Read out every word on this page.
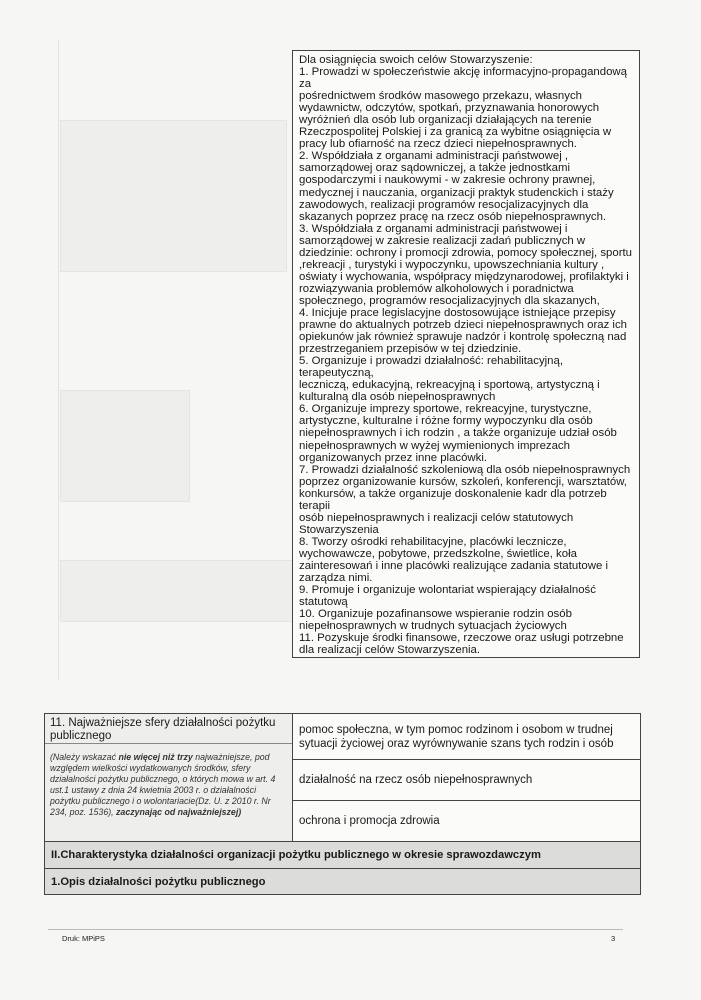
Dla osiągnięcia swoich celów Stowarzyszenie:

1. Prowadzi w społeczeństwie akcję informacyjno-propagandową za
pośrednictwem środków masowego przekazu, własnych
wydawnictw, odczytów, spotkań, przyznawania honorowych
wyróżnień dla osób lub organizacji działających na terenie
Rzeczpospolitej Polskiej i za granicą za wybitne osiągnięcia w
pracy lub ofiarność na rzecz dzieci niepełnosprawnych.

2. Współdziała z organami administracji państwowej ,
samorządowej oraz sądowniczej, a także jednostkami
gospodarczymi i naukowymi - w zakresie ochrony prawnej,
medycznej i nauczania, organizacji praktyk studenckich i staży
zawodowych, realizacji programów resocjalizacyjnych dla
skazanych poprzez pracę na rzecz osób niepełnosprawnych.

3. Współdziała z organami administracji państwowej i
samorządowej w zakresie realizacji zadań publicznych w
dziedzinie: ochrony i promocji zdrowia, pomocy społecznej, sportu
,rekreacji , turystyki i wypoczynku, upowszechniania kultury ,
oświaty i wychowania, współpracy międzynarodowej, profilaktyki i
rozwiązywania problemów alkoholowych i poradnictwa
społecznego, programów resocjalizacyjnych dla skazanych,

4. Inicjuje prace legislacyjne dostosowujące istniejące przepisy
prawne do aktualnych potrzeb dzieci niepełnosprawnych oraz ich
opiekunów jak również sprawuje nadzór i kontrolę społeczną nad
przestrzeganiem przepisów w tej dziedzinie.

5. Organizuje i prowadzi działalność: rehabilitacyjną, terapeutyczną,
leczniczą, edukacyjną, rekreacyjną i sportową, artystyczną i
kulturalną dla osób niepełnosprawnych

6. Organizuje imprezy sportowe, rekreacyjne, turystyczne,
artystyczne, kulturalne i różne formy wypoczynku dla osób
niepełnosprawnych i ich rodzin , a także organizuje udział osób
niepełnosprawnych w wyżej wymienionych imprezach
organizowanych przez inne placówki.

7. Prowadzi działalność szkoleniową dla osób niepełnosprawnych
poprzez organizowanie kursów, szkoleń, konferencji, warsztatów,
konkursów, a także organizuje doskonalenie kadr dla potrzeb terapii
osób niepełnosprawnych i realizacji celów statutowych
Stowarzyszenia

8. Tworzy ośrodki rehabilitacyjne, placówki lecznicze,
wychowawcze, pobytowe, przedszkolne, świetlice, koła
zainteresowań i inne placówki realizujące zadania statutowe i
zarządza nimi.

9. Promuje i organizuje wolontariat wspierający działalność
statutową

10. Organizuje pozafinansowe wspieranie rodzin osób
niepełnosprawnych w trudnych sytuacjach życiowych

11. Pozyskuje środki finansowe, rzeczowe oraz usługi potrzebne
dla realizacji celów Stowarzyszenia.

11. Najważniejsze sfery działalności pożytku publicznego
(Należy wskazać nie więcej niż trzy najważniejsze, pod względem wielkości wydatkowanych środków, sfery działalności pożytku publicznego, o których mowa w art. 4 ust.1 ustawy z dnia 24 kwietnia 2003 r. o działalności pożytku publicznego i o wolontariacie(Dz. U. z 2010 r. Nr 234, poz. 1536), zaczynając od najważniejszej)
pomoc społeczna, w tym pomoc rodzinom i osobom w trudnej sytuacji życiowej oraz wyrównywanie szans tych rodzin i osób
działalność na rzecz osób niepełnosprawnych
ochrona i promocja zdrowia
II.Charakterystyka działalności organizacji pożytku publicznego w okresie sprawozdawczym
1.Opis działalności pożytku publicznego
Druk: MPiPS	3
